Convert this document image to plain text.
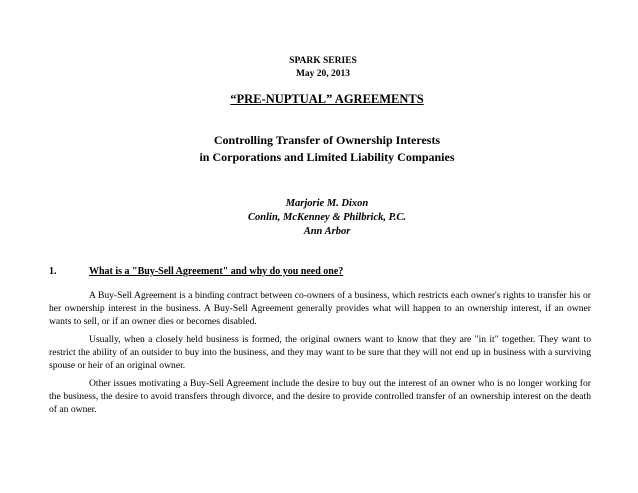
SPARK SERIES
May 20, 2013
“PRE-NUPTUAL” AGREEMENTS
Controlling Transfer of Ownership Interests
in Corporations and Limited Liability Companies
Marjorie M. Dixon
Conlin, McKenney & Philbrick, P.C.
Ann Arbor
1.	What is a "Buy-Sell Agreement" and why do you need one?

A Buy-Sell Agreement is a binding contract between co-owners of a business, which restricts each owner's rights to transfer his or her ownership interest in the business. A Buy-Sell Agreement generally provides what will happen to an ownership interest, if an owner wants to sell, or if an owner dies or becomes disabled.

Usually, when a closely held business is formed, the original owners want to know that they are "in it" together. They want to restrict the ability of an outsider to buy into the business, and they may want to be sure that they will not end up in business with a surviving spouse or heir of an original owner.

Other issues motivating a Buy-Sell Agreement include the desire to buy out the interest of an owner who is no longer working for the business, the desire to avoid transfers through divorce, and the desire to provide controlled transfer of an ownership interest on the death of an owner.
